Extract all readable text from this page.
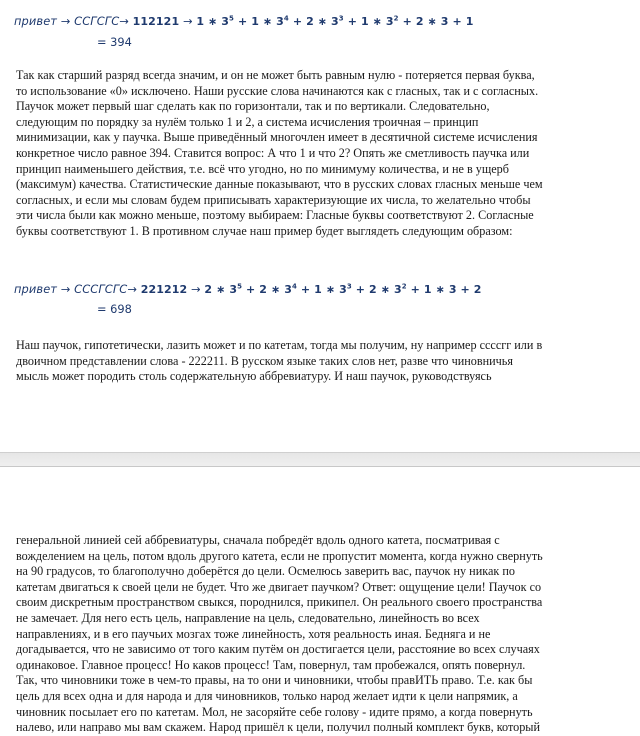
привет → ССГСГС→ 112121 → 1 ∗ $3^5 + 1$ ∗ $3^4 + 2$ ∗ $3^3 + 1$ ∗ $3^2 + 2$ ∗ 3 + 1
= 394

Так как старший разряд всегда значим, и он не может быть равным нулю - потеряется первая буква,
то использование «0» исключено. Наши русские слова начинаются как с гласных, так и с согласных.
Паучок может первый шаг сделать как по горизонтали, так и по вертикали. Следовательно,
следующим по порядку за нулём только 1 и 2, а система исчисления троичная – принцип
минимизации, как у паучка. Выше приведённый многочлен имеет в десятичной системе исчисления
конкретное число равное 394. Ставится вопрос: А что 1 и что 2? Опять же сметливость паучка или
принцип наименьшего действия, т.е. всё что угодно, но по минимуму количества, и не в ущерб
(максимум) качества. Статистические данные показывают, что в русских словах гласных меньше чем
согласных, и если мы словам будем приписывать характеризующие их числа, то желательно чтобы
эти числа были как можно меньше, поэтому выбираем: Гласные буквы соответствуют 2. Согласные
буквы соответствуют 1. В противном случае наш пример будет выглядеть следующим образом:

привет → СССГСГС→ 221212 → 2 ∗ $3^5 + 2$ ∗ $3^4 + 1$ ∗ $3^3 + 2$ ∗ $3^2 + 1$ ∗ 3 + 2
= 698

Наш паучок, гипотетически, лазить может и по катетам, тогда мы получим, ну например ссссгг или в
двоичном представлении слова - 222211. В русском языке таких слов нет, разве что чиновничья
мысль может породить столь содержательную аббревиатуру. И наш паучок, руководствуясь

генеральной линией сей аббревиатуры, сначала побредёт вдоль одного катета, посматривая с
вожделением на цель, потом вдоль другого катета, если не пропустит момента, когда нужно свернуть
на 90 градусов, то благополучно доберётся до цели. Осмелюсь заверить вас, паучок ну никак по
катетам двигаться к своей цели не будет. Что же двигает паучком? Ответ: ощущение цели! Паучок со
своим дискретным пространством свыкся, породнился, прикипел. Он реального своего пространства
не замечает. Для него есть цель, направление на цель, следовательно, линейность во всех
направлениях, и в его паучьих мозгах тоже линейность, хотя реальность иная. Бедняга и не
догадывается, что не зависимо от того каким путём он достигается цели, расстояние во всех случаях
одинаковое. Главное процесс! Но каков процесс! Там, повернул, там пробежался, опять повернул.
Так, что чиновники тоже в чем-то правы, на то они и чиновники, чтобы правИТЬ право. Т.е. как бы
цель для всех одна и для народа и для чиновников, только народ желает идти к цели напрямик, а
чиновник посылает его по катетам. Мол, не засоряйте себе голову - идите прямо, а когда повернуть
налево, или направо мы вам скажем. Народ пришёл к цели, получил полный комплект букв, который
